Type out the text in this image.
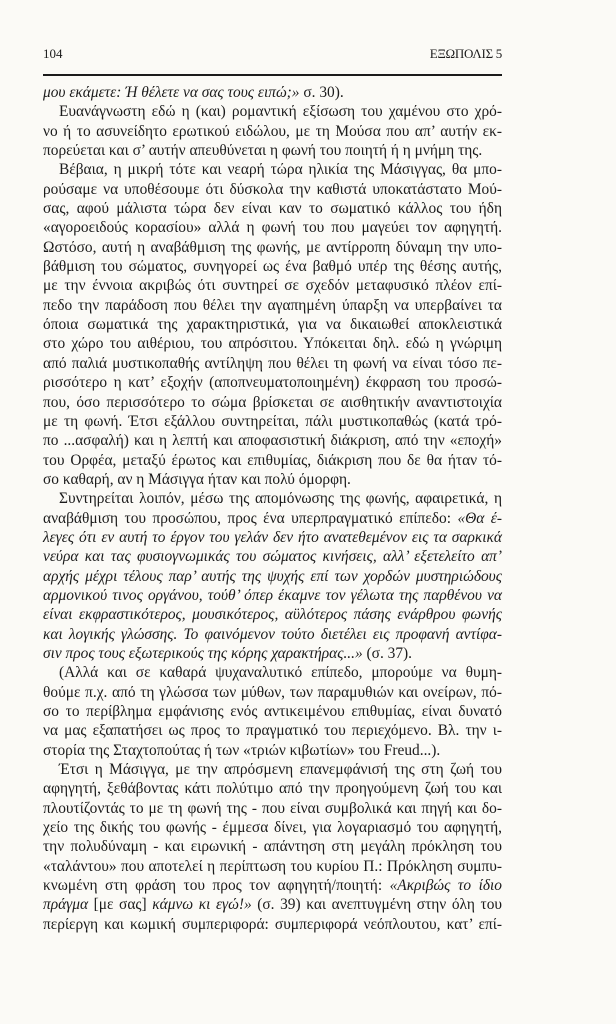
104	ΕΞΩΠΟΛΙΣ 5
μου εκάμετε: Ή θέλετε να σας τους ειπώ;» σ. 30).
Ευανάγνωστη εδώ η (και) ρομαντική εξίσωση του χαμένου στο χρό-
νο ή το ασυνείδητο ερωτικού ειδώλου, με τη Μούσα που απ’ αυτήν εκ-
πορεύεται και σ’ αυτήν απευθύνεται η φωνή του ποιητή ή η μνήμη της.
Βέβαια, η μικρή τότε και νεαρή τώρα ηλικία της Μάσιγγας, θα μπο-
ρούσαμε να υποθέσουμε ότι δύσκολα την καθιστά υποκατάστατο Μού-
σας, αφού μάλιστα τώρα δεν είναι καν το σωματικό κάλλος του ήδη
«αγοροειδούς κορασίου» αλλά η φωνή του που μαγεύει τον αφηγητή.
Ωστόσο, αυτή η αναβάθμιση της φωνής, με αντίρροπη δύναμη την υπο-
βάθμιση του σώματος, συνηγορεί ως ένα βαθμό υπέρ της θέσης αυτής,
με την έννοια ακριβώς ότι συντηρεί σε σχεδόν μεταφυσικό πλέον επί-
πεδο την παράδοση που θέλει την αγαπημένη ύπαρξη να υπερβαίνει τα
όποια σωματικά της χαρακτηριστικά, για να δικαιωθεί αποκλειστικά
στο χώρο του αιθέριου, του απρόσιτου. Υπόκειται δηλ. εδώ η γνώριμη
από παλιά μυστικοπαθής αντίληψη που θέλει τη φωνή να είναι τόσο πε-
ρισσότερο η κατ’ εξοχήν (αποπνευματοποιημένη) έκφραση του προσώ-
που, όσο περισσότερο το σώμα βρίσκεται σε αισθητικήν αναντιστοιχία
με τη φωνή. Έτσι εξάλλου συντηρείται, πάλι μυστικοπαθώς (κατά τρό-
πο ...ασφαλή) και η λεπτή και αποφασιστική διάκριση, από την «εποχή»
του Ορφέα, μεταξύ έρωτος και επιθυμίας, διάκριση που δε θα ήταν τό-
σο καθαρή, αν η Μάσιγγα ήταν και πολύ όμορφη.
Συντηρείται λοιπόν, μέσω της απομόνωσης της φωνής, αφαιρετικά, η
αναβάθμιση του προσώπου, προς ένα υπερπραγματικό επίπεδο: «Θα έ-
λεγες ότι εν αυτή το έργον του γελάν δεν ήτο ανατεθεμένον εις τα σαρκικά
νεύρα και τας φυσιογνωμικάς του σώματος κινήσεις, αλλ’ εξετελείτο απ’
αρχής μέχρι τέλους παρ’ αυτής της ψυχής επί των χορδών μυστηριώδους
αρμονικού τινος οργάνου, τούθ’ όπερ έκαμνε τον γέλωτα της παρθένου να
είναι εκφραστικότερος, μουσικότερος, αϋλότερος πάσης ενάρθρου φωνής
και λογικής γλώσσης. Το φαινόμενον τούτο διετέλει εις προφανή αντίφα-
σιν προς τους εξωτερικούς της κόρης χαρακτήρας...» (σ. 37).
(Αλλά και σε καθαρά ψυχαναλυτικό επίπεδο, μπορούμε να θυμη-
θούμε π.χ. από τη γλώσσα των μύθων, των παραμυθιών και ονείρων, πό-
σο το περίβλημα εμφάνισης ενός αντικειμένου επιθυμίας, είναι δυνατό
να μας εξαπατήσει ως προς το πραγματικό του περιεχόμενο. Βλ. την ι-
στορία της Σταχτοπούτας ή των «τριών κιβωτίων» του Freud...).
Έτσι η Μάσιγγα, με την απρόσμενη επανεμφάνισή της στη ζωή του
αφηγητή, ξεθάβοντας κάτι πολύτιμο από την προηγούμενη ζωή του και
πλουτίζοντάς το με τη φωνή της - που είναι συμβολικά και πηγή και δο-
χείο της δικής του φωνής - έμμεσα δίνει, για λογαριασμό του αφηγητή,
την πολυδύναμη - και ειρωνική - απάντηση στη μεγάλη πρόκληση του
«ταλάντου» που αποτελεί η περίπτωση του κυρίου Π.: Πρόκληση συμπυ-
κνωμένη στη φράση του προς τον αφηγητή/ποιητή: «Ακριβώς το ίδιο
πράγμα [με σας] κάμνω κι εγώ!» (σ. 39) και ανεπτυγμένη στην όλη του
περίεργη και κωμική συμπεριφορά: συμπεριφορά νεόπλουτου, κατ’ επί-
